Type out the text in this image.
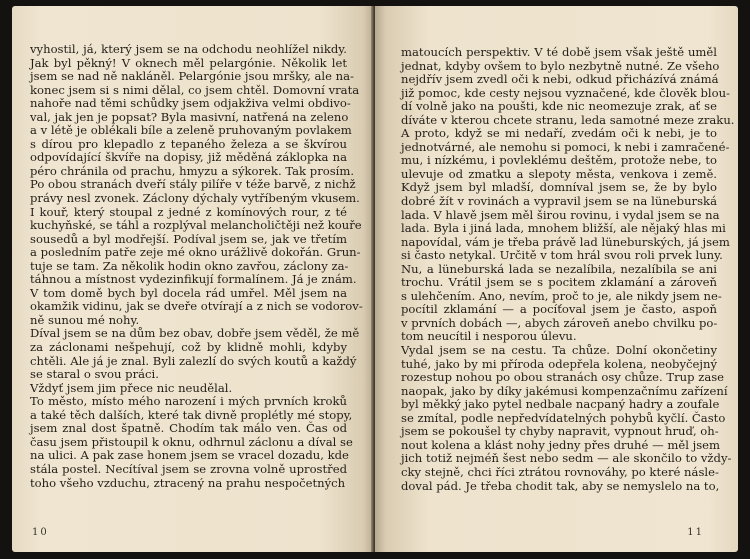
vyhostil, já, který jsem se na odchodu neohlížel nikdy.
Jak byl pěkný! V oknech měl pelargónie. Několik let
jsem se nad ně nakláněl. Pelargónie jsou mršky, ale na-
konec jsem si s nimi dělal, co jsem chtěl. Domovní vrata
nahoře nad těmi schůdky jsem odjakživa velmi obdivo-
val, jak jen je popsat? Byla masivní, natřená na zeleno
a v létě je oblékali bíle a zeleně pruhovaným povlakem
s dírou pro klepadlo z tepaného železa a se škvírou
odpovídající škvíře na dopisy, již měděná záklopka na
péro chránila od prachu, hmyzu a sýkorek. Tak prosím.
Po obou stranách dveří stály pilíře v téže barvě, z nichž
právy nesl zvonek. Záclony dýchaly vytříbeným vkusem.
I kouř, který stoupal z jedné z komínových rour, z té
kuchyňské, se táhl a rozplýval melancholičtěji než kouře
sousedů a byl modřejší. Podíval jsem se, jak ve třetím
a posledním patře zeje mé okno urážlivě dokořán. Grun-
tuje se tam. Za několik hodin okno zavřou, záclony za-
táhnou a místnost vydezinfikují formalínem. Já je znám.
V tom domě bych byl docela rád umřel. Měl jsem na
okamžik vidinu, jak se dveře otvírají a z nich se vodorov-
ně sunou mé nohy.
Díval jsem se na dům bez obav, dobře jsem věděl, že mě
za záclonami nešpehují, což by klidně mohli, kdyby
chtěli. Ale já je znal. Byli zalezlí do svých koutů a každý
se staral o svou práci.
Vždyť jsem jim přece nic neudělal.
To město, místo mého narození i mých prvních kroků
a také těch dalších, které tak divně proplétly mé stopy,
jsem znal dost špatně. Chodím tak málo ven. Čas od
času jsem přistoupil k oknu, odhrnul záclonu a díval se
na ulici. A pak zase honem jsem se vracel dozadu, kde
stála postel. Necítíval jsem se zrovna volně uprostřed
toho všeho vzduchu, ztracený na prahu nespočetných
10
matoucích perspektiv. V té době jsem však ještě uměl
jednat, kdyby ovšem to bylo nezbytně nutné. Ze všeho
nejdřív jsem zvedl oči k nebi, odkud přicházívá známá
již pomoc, kde cesty nejsou vyznačené, kde člověk blou-
dí volně jako na poušti, kde nic neomezuje zrak, ať se
díváte v kterou chcete stranu, leda samotné meze zraku.
A proto, když se mi nedaří, zvedám oči k nebi, je to
jednotvárné, ale nemohu si pomoci, k nebi i zamračené-
mu, i nízkému, i povleklému deštěm, protože nebe, to
ulevuje od zmatku a slepoty města, venkova i země.
Když jsem byl mladší, domníval jsem se, že by bylo
dobré žít v rovinách a vypravil jsem se na lüneburská
lada. V hlavě jsem měl širou rovinu, i vydal jsem se na
lada. Byla i jiná lada, mnohem bližší, ale nějaký hlas mi
napovídal, vám je třeba právě lad lüneburských, já jsem
si často netykal. Určitě v tom hrál svou roli prvek luny.
Nu, a lüneburská lada se nezalíbila, nezalíbila se ani
trochu. Vrátil jsem se s pocitem zklamání a zároveň
s ulehčením. Ano, nevím, proč to je, ale nikdy jsem ne-
pocítil zklamání — a pocíťoval jsem je často, aspoň
v prvních dobách —, abych zároveň anebo chvilku po-
tom neucítil i nesporou úlevu.
Vydal jsem se na cestu. Ta chůze. Dolní okončetiny
tuhé, jako by mi příroda odepřela kolena, neobyčejný
rozestup nohou po obou stranách osy chůze. Trup zase
naopak, jako by díky jakémusi kompenzačnímu zařízení
byl měkký jako pytel nedbale nacpaný hadry a zoufale
se zmítal, podle nepředvídatelných pohybů kyčlí. Často
jsem se pokoušel ty chyby napravit, vypnout hruď, oh-
nout kolena a klást nohy jedny přes druhé — měl jsem
jich totiž nejméň šest nebo sedm — ale skončilo to vždy-
cky stejně, chci říci ztrátou rovnováhy, po které násle-
doval pád. Je třeba chodit tak, aby se nemyslelo na to,
11
